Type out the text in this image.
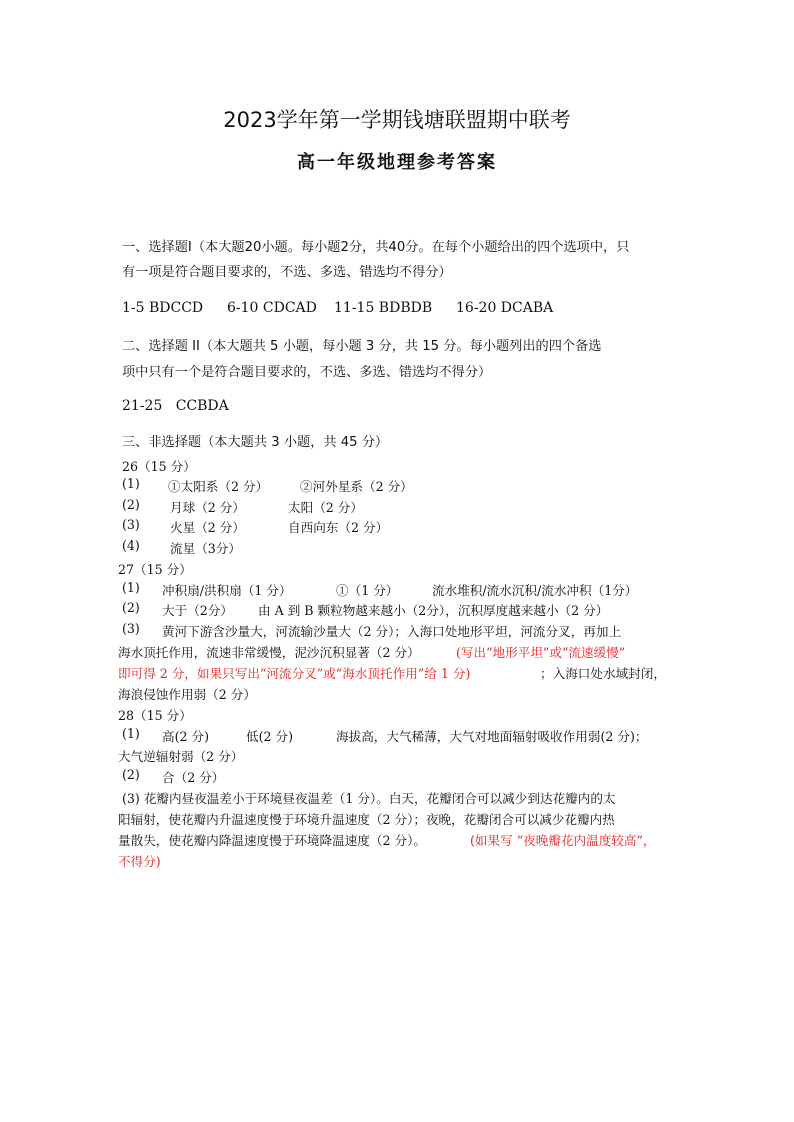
2023学年第一学期钱塘联盟期中联考
高一年级地理参考答案
一、选择题Ⅰ（本大题20小题。每小题2分，共40分。在每个小题给出的四个选项中，只
有一项是符合题目要求的，不选、多选、错选均不得分）
1-5 BDCCD 6-10 CDCAD 11-15 BDBDB 16-20 DCABA
二、选择题 II（本大题共 5 小题，每小题 3 分，共 15 分。每小题列出的四个备选
项中只有一个是符合题目要求的，不选、多选、错选均不得分）
21-25   CCBDA
三、非选择题（本大题共 3 小题，共 45 分）
26（15 分）
(1) ①太阳系（2 分）	②河外星系（2 分）
(2) 月球（2 分）	太阳（2 分）
(3) 火星（2 分）	自西向东（2 分）
(4) 流星（3分）
27（15 分）
(1) 冲积扇/洪积扇（1 分）	①（1 分）	流水堆积/流水沉积/流水冲积（1分）
(2) 大于（2分） 由 A 到 B 颗粒物越来越小（2分），沉积厚度越来越小（2 分）
(3) 黄河下游含沙量大，河流输沙量大（2 分）；入海口处地形平坦，河流分叉，再加上
海水顶托作用，流速非常缓慢，泥沙沉积显著（2 分）	(写出“地形平坦”或“流速缓慢”
即可得 2 分，如果只写出“河流分叉”或“海水顶托作用”给 1 分)	；入海口处水域封闭，
海浪侵蚀作用弱（2 分）
28（15 分）
(1) 高(2 分)	低(2 分)	海拔高，大气稀薄，大气对地面辐射吸收作用弱(2 分)；
大气逆辐射弱（2 分）
(2) 合（2 分）
(3) 花瓣内昼夜温差小于环境昼夜温差（1 分）。白天，花瓣闭合可以减少到达花瓣内的太
阳辐射，使花瓣内升温速度慢于环境升温速度（2 分）；夜晚，花瓣闭合可以减少花瓣内热
量散失，使花瓣内降温速度慢于环境降温速度（2 分）。	(如果写 “夜晚瓣花内温度较高”，
不得分)
